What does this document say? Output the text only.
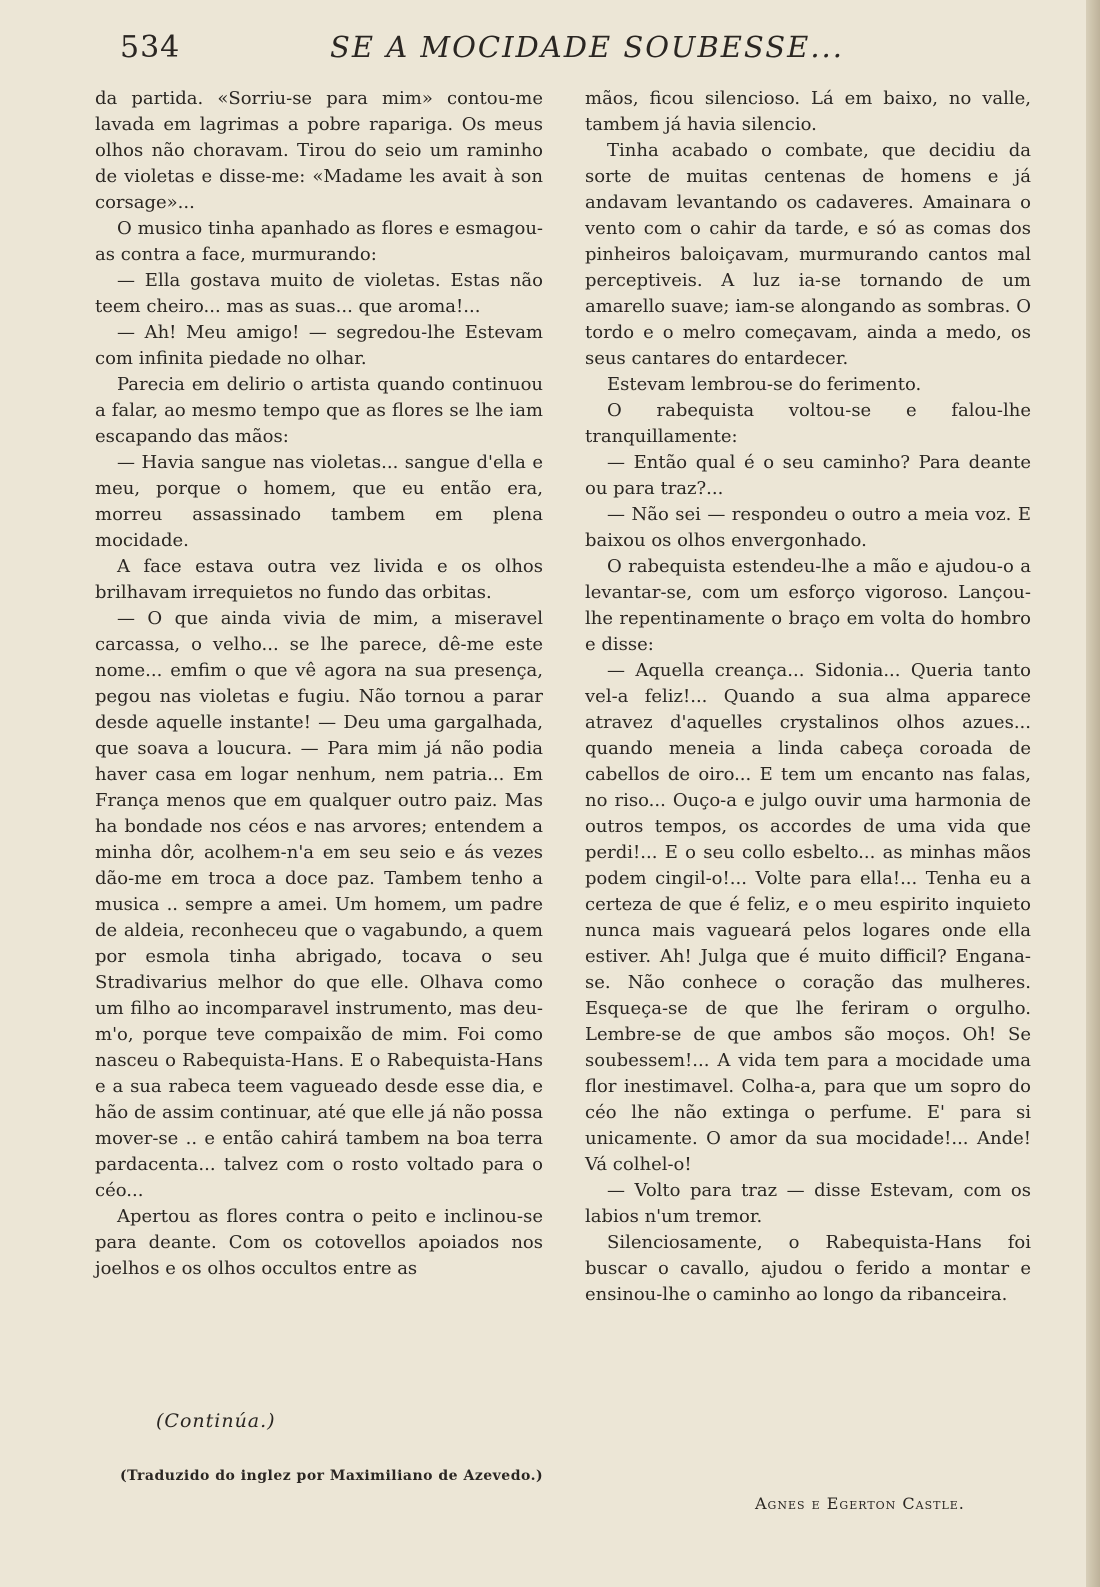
534	SE A MOCIDADE SOUBESSE...

da partida. «Sorriu-se para mim» contou-me lavada em lagrimas a pobre rapariga. Os meus olhos não choravam. Tirou do seio um raminho de violetas e disse-me: «Madame les avait à son corsage»...

O musico tinha apanhado as flores e esmagou-as contra a face, murmurando:

— Ella gostava muito de violetas. Estas não teem cheiro... mas as suas... que aroma!...

— Ah! Meu amigo! — segredou-lhe Estevam com infinita piedade no olhar.

Parecia em delirio o artista quando continuou a falar, ao mesmo tempo que as flores se lhe iam escapando das mãos:

— Havia sangue nas violetas... sangue d'ella e meu, porque o homem, que eu então era, morreu assassinado tambem em plena mocidade.

A face estava outra vez livida e os olhos brilhavam irrequietos no fundo das orbitas.

— O que ainda vivia de mim, a miseravel carcassa, o velho... se lhe parece, dê-me este nome... emfim o que vê agora na sua presença, pegou nas violetas e fugiu. Não tornou a parar desde aquelle instante! — Deu uma gargalhada, que soava a loucura. — Para mim já não podia haver casa em logar nenhum, nem patria... Em França menos que em qualquer outro paiz. Mas ha bondade nos céos e nas arvores; entendem a minha dôr, acolhem-n'a em seu seio e ás vezes dão-me em troca a doce paz. Tambem tenho a musica .. sempre a amei. Um homem, um padre de aldeia, reconheceu que o vagabundo, a quem por esmola tinha abrigado, tocava o seu Stradivarius melhor do que elle. Olhava como um filho ao incomparavel instrumento, mas deu-m'o, porque teve compaixão de mim. Foi como nasceu o Rabequista-Hans. E o Rabequista-Hans e a sua rabeca teem vagueado desde esse dia, e hão de assim continuar, até que elle já não possa mover-se .. e então cahirá tambem na boa terra pardacenta... talvez com o rosto voltado para o céo...

Apertou as flores contra o peito e inclinou-se para deante. Com os cotovellos apoiados nos joelhos e os olhos occultos entre as

mãos, ficou silencioso. Lá em baixo, no valle, tambem já havia silencio.

Tinha acabado o combate, que decidiu da sorte de muitas centenas de homens e já andavam levantando os cadaveres. Amainara o vento com o cahir da tarde, e só as comas dos pinheiros baloiçavam, murmurando cantos mal perceptiveis. A luz ia-se tornando de um amarello suave; iam-se alongando as sombras. O tordo e o melro começavam, ainda a medo, os seus cantares do entardecer.

Estevam lembrou-se do ferimento.

O rabequista voltou-se e falou-lhe tranquillamente:

— Então qual é o seu caminho? Para deante ou para traz?...

— Não sei — respondeu o outro a meia voz. E baixou os olhos envergonhado.

O rabequista estendeu-lhe a mão e ajudou-o a levantar-se, com um esforço vigoroso. Lançou-lhe repentinamente o braço em volta do hombro e disse:

— Aquella creança... Sidonia... Queria tanto vel-a feliz!... Quando a sua alma apparece atravez d'aquelles crystalinos olhos azues... quando meneia a linda cabeça coroada de cabellos de oiro... E tem um encanto nas falas, no riso... Ouço-a e julgo ouvir uma harmonia de outros tempos, os accordes de uma vida que perdi!... E o seu collo esbelto... as minhas mãos podem cingil-o!... Volte para ella!... Tenha eu a certeza de que é feliz, e o meu espirito inquieto nunca mais vagueará pelos logares onde ella estiver. Ah! Julga que é muito difficil? Engana-se. Não conhece o coração das mulheres. Esqueça-se de que lhe feriram o orgulho. Lembre-se de que ambos são moços. Oh! Se soubessem!... A vida tem para a mocidade uma flor inestimavel. Colha-a, para que um sopro do céo lhe não extinga o perfume. E' para si unicamente. O amor da sua mocidade!... Ande! Vá colhel-o!

— Volto para traz — disse Estevam, com os labios n'um tremor.

Silenciosamente, o Rabequista-Hans foi buscar o cavallo, ajudou o ferido a montar e ensinou-lhe o caminho ao longo da ribanceira.

(Continúa.)
(Traduzido do inglez por Maximiliano de Azevedo.)
Agnes e Egerton Castle.
